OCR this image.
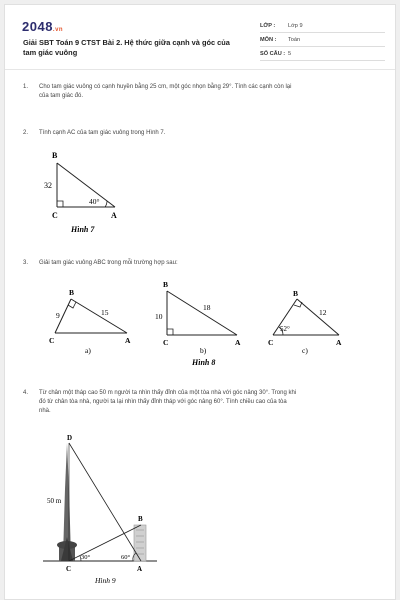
2048.vn
Giải SBT Toán 9 CTST Bài 2. Hệ thức giữa cạnh và góc của tam giác vuông
LỚP : Lớp 9
MÔN : Toán
SỐ CÂU : 5
1. Cho tam giác vuông có cạnh huyền bằng 25 cm, một góc nhọn bằng 29°. Tính các cạnh còn lại
của tam giác đó.
2. Tính cạnh AC của tam giác vuông trong Hình 7.
B
32
40°
C	A
Hình 7
3. Giải tam giác vuông ABC trong mỗi trường hợp sau:
B
9	15
C	A
a)
B
10
18
C	A
b)
Hình 8
B
12
52°
C	A
c)
4. Từ chân một tháp cao 50 m người ta nhìn thấy đỉnh của một tòa nhà với góc nâng 30°. Trong khi
đó từ chân tòa nhà, người ta lại nhìn thấy đỉnh tháp với góc nâng 60°. Tính chiều cao của tòa
nhà.
D
B
50 m
30°	60°
C	A
Hình 9
